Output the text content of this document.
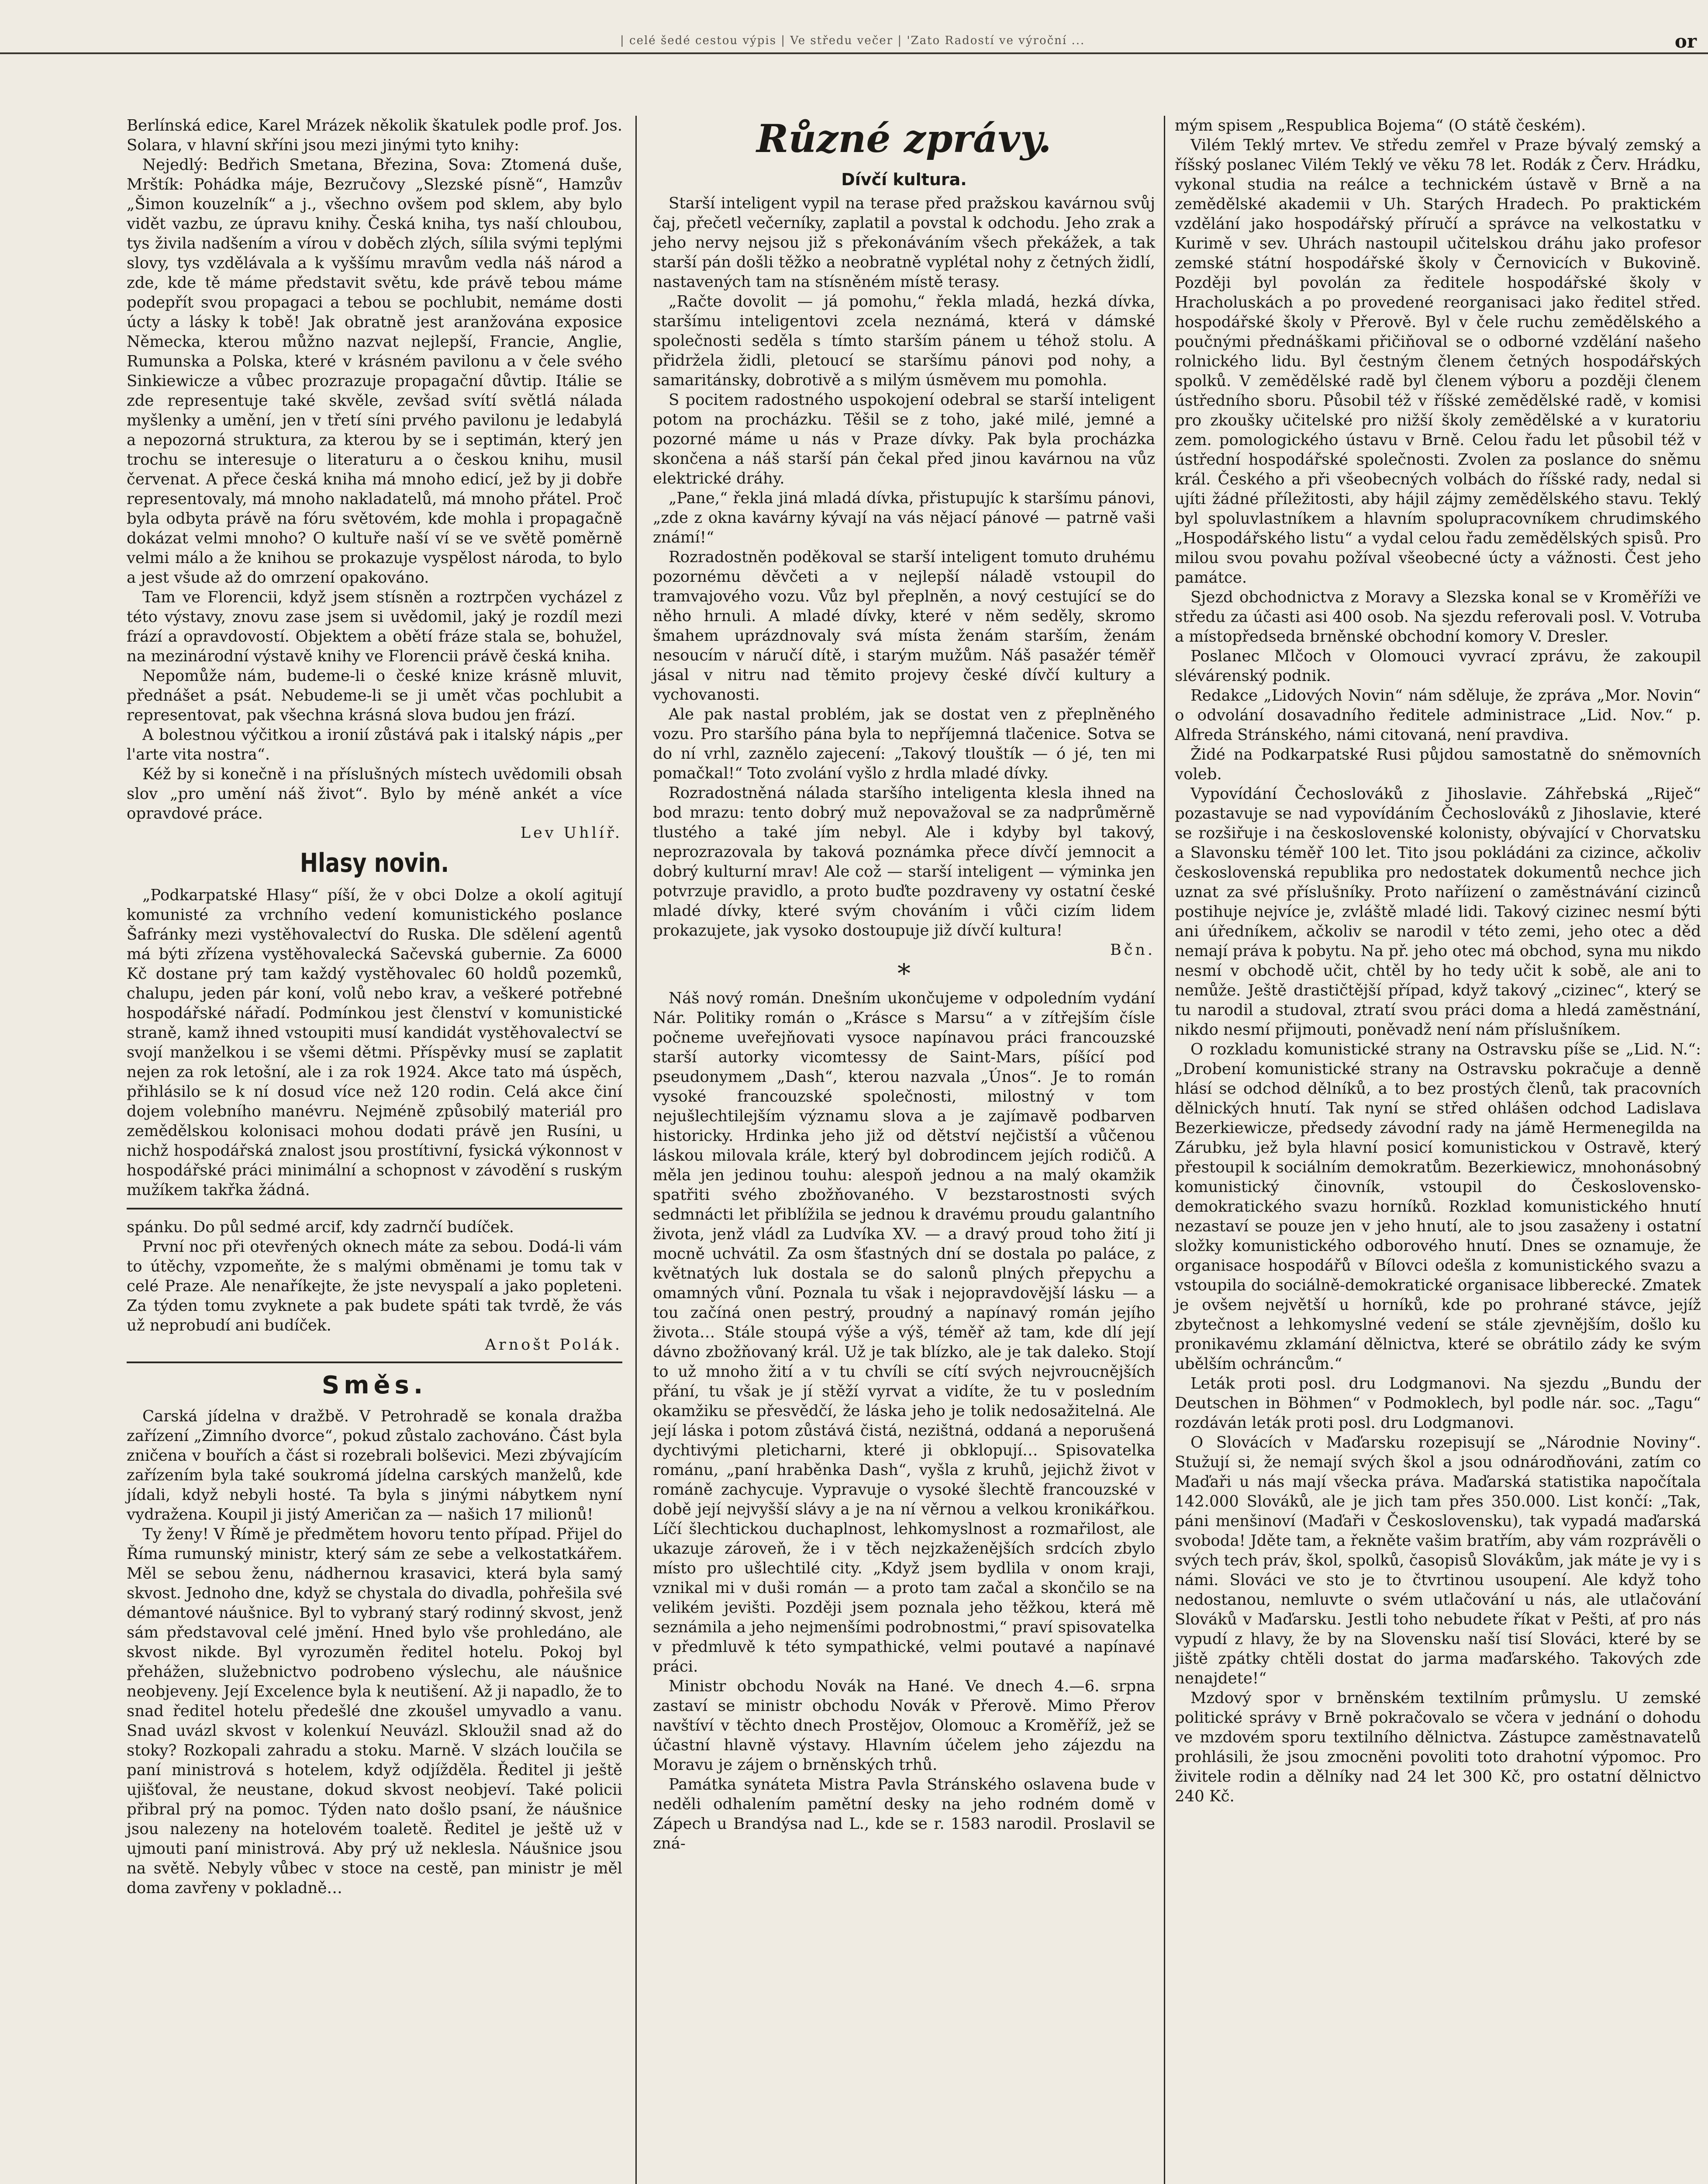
| celé šedé cestou výpis | Ve středu večer | 'Zato Radostí ve výroční ...	or

Berlínská edice, Karel Mrázek několik škatulek podle prof. Jos. Solara, v hlavní skříni jsou mezi jinými tyto knihy:

Nejedlý: Bedřich Smetana, Březina, Sova: Ztomená duše, Mrštík: Pohádka máje, Bezručovy „Slezské písně“, Hamzův „Šimon kouzelník“ a j., všechno ovšem pod sklem, aby bylo vidět vazbu, ze úpravu knihy. Česká kniha, tys naší chloubou, tys živila nadšením a vírou v doběch zlých, sílila svými teplými slovy, tys vzdělávala a k vyššímu mravům vedla náš národ a zde, kde tě máme představit světu, kde právě tebou máme podepřít svou propagaci a tebou se pochlubit, nemáme dosti úcty a lásky k tobě! Jak obratně jest aranžována exposice Německa, kterou můžno nazvat nejlepší, Francie, Anglie, Rumunska a Polska, které v krásném pavilonu a v čele svého Sinkiewicze a vůbec prozrazuje propagační důvtip. Itálie se zde representuje také skvěle, zevšad svítí světlá nálada myšlenky a umění, jen v třetí síni prvého pavilonu je ledabylá a nepozorná struktura, za kterou by se i septimán, který jen trochu se interesuje o literaturu a o českou knihu, musil červenat. A přece česká kniha má mnoho edicí, jež by ji dobře representovaly, má mnoho nakladatelů, má mnoho přátel. Proč byla odbyta právě na fóru světovém, kde mohla i propagačně dokázat velmi mnoho? O kultuře naší ví se ve světě poměrně velmi málo a že knihou se prokazuje vyspělost národa, to bylo a jest všude až do omrzení opakováno.

Tam ve Florencii, když jsem stísněn a roztrpčen vycházel z této výstavy, znovu zase jsem si uvědomil, jaký je rozdíl mezi frází a opravdovostí. Objektem a obětí fráze stala se, bohužel, na mezinárodní výstavě knihy ve Florencii právě česká kniha.

Nepomůže nám, budeme-li o české knize krásně mluvit, přednášet a psát. Nebudeme-li se ji umět včas pochlubit a representovat, pak všechna krásná slova budou jen frází.

A bolestnou výčitkou a ironií zůstává pak i italský nápis „per l'arte vita nostra“.

Kéž by si konečně i na příslušných místech uvědomili obsah slov „pro umění náš život“. Bylo by méně ankét a více opravdové práce.

Lev Uhlíř.
Hlasy novin.

„Podkarpatské Hlasy“ píší, že v obci Dolze a okolí agitují komunisté za vrchního vedení komunistického poslance Šafránky mezi vystěhovalectví do Ruska. Dle sdělení agentů má býti zřízena vystěhovalecká Sačevská gubernie. Za 6000 Kč dostane prý tam každý vystěhovalec 60 holdů pozemků, chalupu, jeden pár koní, volů nebo krav, a veškeré potřebné hospodářské nářadí. Podmínkou jest členství v komunistické straně, kamž ihned vstoupiti musí kandidát vystěhovalectví se svojí manželkou i se všemi dětmi. Příspěvky musí se zaplatit nejen za rok letošní, ale i za rok 1924. Akce tato má úspěch, přihlásilo se k ní dosud více než 120 rodin. Celá akce činí dojem volebního manévru. Nejméně způsobilý materiál pro zemědělskou kolonisaci mohou dodati právě jen Rusíni, u nichž hospodářská znalost jsou prostítivní, fysická výkonnost v hospodářské práci minimální a schopnost v závodění s ruským mužíkem takřka žádná.

spánku. Do půl sedmé arcif, kdy zadrnčí budíček.

První noc při otevřených oknech máte za sebou. Dodá-li vám to útěchy, vzpomeňte, že s malými obměnami je tomu tak v celé Praze. Ale nenaříkejte, že jste nevyspalí a jako popleteni. Za týden tomu zvyknete a pak budete spáti tak tvrdě, že vás už neprobudí ani budíček.

Arnošt Polák.
Směs.

Carská jídelna v dražbě. V Petrohradě se konala dražba zařízení „Zimního dvorce“, pokud zůstalo zachováno. Část byla zničena v bouřích a část si rozebrali bolševici. Mezi zbývajícím zařízením byla také soukromá jídelna carských manželů, kde jídali, když nebyli hosté. Ta byla s jinými nábytkem nyní vydražena. Koupil ji jistý Američan za — našich 17 milionů!

Ty ženy! V Římě je předmětem hovoru tento případ. Přijel do Říma rumunský ministr, který sám ze sebe a velkostatkářem. Měl se sebou ženu, nádhernou krasavici, která byla samý skvost. Jednoho dne, když se chystala do divadla, pohřešila své démantové náušnice. Byl to vybraný starý rodinný skvost, jenž sám představoval celé jmění. Hned bylo vše prohledáno, ale skvost nikde. Byl vyrozuměn ředitel hotelu. Pokoj byl přehážen, služebnictvo podrobeno výslechu, ale náušnice neobjeveny. Její Excelence byla k neutišení. Až ji napadlo, že to snad ředitel hotelu předešlé dne zkoušel umyvadlo a vanu. Snad uvázl skvost v kolenkuí Neuvázl. Skloužil snad až do stoky? Rozkopali zahradu a stoku. Marně. V slzách loučila se paní ministrová s hotelem, když odjížděla. Ředitel ji ještě ujišťoval, že neustane, dokud skvost neobjeví. Také policii přibral prý na pomoc. Týden nato došlo psaní, že náušnice jsou nalezeny na hotelovém toaletě. Ředitel je ještě už v ujmouti paní ministrová. Aby prý už neklesla. Náušnice jsou na světě. Nebyly vůbec v stoce na cestě, pan ministr je měl doma zavřeny v pokladně…

Různé zprávy.
Dívčí kultura.

Starší inteligent vypil na terase před pražskou kavárnou svůj čaj, přečetl večerníky, zaplatil a povstal k odchodu. Jeho zrak a jeho nervy nejsou již s překonáváním všech překážek, a tak starší pán došli těžko a neobratně vyplétal nohy z četných židlí, nastavených tam na stísněném místě terasy.

„Račte dovolit — já pomohu,“ řekla mladá, hezká dívka, staršímu inteligentovi zcela neznámá, která v dámské společnosti seděla s tímto starším pánem u téhož stolu. A přidržela židli, pletoucí se staršímu pánovi pod nohy, a samaritánsky, dobrotivě a s milým úsměvem mu pomohla.

S pocitem radostného uspokojení odebral se starší inteligent potom na procházku. Těšil se z toho, jaké milé, jemné a pozorné máme u nás v Praze dívky. Pak byla procházka skončena a náš starší pán čekal před jinou kavárnou na vůz elektrické dráhy.

„Pane,“ řekla jiná mladá dívka, přistupujíc k staršímu pánovi, „zde z okna kavárny kývají na vás nějací pánové — patrně vaši známí!“

Rozradostněn poděkoval se starší inteligent tomuto druhému pozornému děvčeti a v nejlepší náladě vstoupil do tramvajového vozu. Vůz byl přeplněn, a nový cestující se do něho hrnuli. A mladé dívky, které v něm seděly, skromo šmahem uprázdnovaly svá místa ženám starším, ženám nesoucím v náručí dítě, i starým mužům. Náš pasažér téměř jásal v nitru nad těmito projevy české dívčí kultury a vychovanosti.

Ale pak nastal problém, jak se dostat ven z přeplněného vozu. Pro staršího pána byla to nepříjemná tlačenice. Sotva se do ní vrhl, zaznělo zajecení: „Takový tlouštík — ó jé, ten mi pomačkal!“ Toto zvolání vyšlo z hrdla mladé dívky.

Rozradostněná nálada staršího inteligenta klesla ihned na bod mrazu: tento dobrý muž nepovažoval se za nadprůměrně tlustého a také jím nebyl. Ale i kdyby byl takový, neprozrazovala by taková poznámka přece dívčí jemnocit a dobrý kulturní mrav! Ale což — starší inteligent — výminka jen potvrzuje pravidlo, a proto buďte pozdraveny vy ostatní české mladé dívky, které svým chováním i vůči cizím lidem prokazujete, jak vysoko dostoupuje již dívčí kultura!

Bčn.
*

Náš nový román. Dnešním ukončujeme v odpoledním vydání Nár. Politiky román o „Krásce s Marsu“ a v zítřejším čísle počneme uveřejňovati vysoce napínavou práci francouzské starší autorky vicomtessy de Saint-Mars, píšící pod pseudonymem „Dash“, kterou nazvala „Únos“. Je to román vysoké francouzské společnosti, milostný v tom nejušlechtilejším významu slova a je zajímavě podbarven historicky. Hrdinka jeho již od dětství nejčistší a vůčenou láskou milovala krále, který byl dobrodincem jejích rodičů. A měla jen jedinou touhu: alespoň jednou a na malý okamžik spatřiti svého zbožňovaného. V bezstarostnosti svých sedmnácti let přiblížila se jednou k dravému proudu galantního života, jenž vládl za Ludvíka XV. — a dravý proud toho žití ji mocně uchvátil. Za osm šťastných dní se dostala po paláce, z květnatých luk dostala se do salonů plných přepychu a omamných vůní. Poznala tu však i nejopravdovější lásku — a tou začíná onen pestrý, proudný a napínavý román jejího života… Stále stoupá výše a výš, téměř až tam, kde dlí její dávno zbožňovaný král. Už je tak blízko, ale je tak daleko. Stojí to už mnoho žití a v tu chvíli se cítí svých nejvroucnějších přání, tu však je jí stěží vyrvat a vidíte, že tu v posledním okamžiku se přesvědčí, že láska jeho je tolik nedosažitelná. Ale její láska i potom zůstává čistá, nezištná, oddaná a neporušená dychtivými pleticharni, které ji obklopují… Spisovatelka románu, „paní hraběnka Dash“, vyšla z kruhů, jejichž život v románě zachycuje. Vypravuje o vysoké šlechtě francouzské v době její nejvyšší slávy a je na ní věrnou a velkou kronikářkou. Líčí šlechtickou duchaplnost, lehkomyslnost a rozmařilost, ale ukazuje zároveň, že i v těch nejzkaženějších srdcích zbylo místo pro ušlechtilé city. „Když jsem bydlila v onom kraji, vznikal mi v duši román — a proto tam začal a skončilo se na velikém jevišti. Později jsem poznala jeho těžkou, která mě seznámila a jeho nejmenšími podrobnostmi,“ praví spisovatelka v předmluvě k této sympathické, velmi poutavé a napínavé práci.

Ministr obchodu Novák na Hané. Ve dnech 4.—6. srpna zastaví se ministr obchodu Novák v Přerově. Mimo Přerov navštíví v těchto dnech Prostějov, Olomouc a Kroměříž, jež se účastní hlavně výstavy. Hlavním účelem jeho zájezdu na Moravu je zájem o brněnských trhů.

Památka synáteta Mistra Pavla Stránského oslavena bude v neděli odhalením pamětní desky na jeho rodném domě v Zápech u Brandýsa nad L., kde se r. 1583 narodil. Proslavil se zná-

mým spisem „Respublica Bojema“ (O státě českém).

Vilém Teklý mrtev. Ve středu zemřel v Praze bývalý zemský a říšský poslanec Vilém Teklý ve věku 78 let. Rodák z Červ. Hrádku, vykonal studia na reálce a technickém ústavě v Brně a na zemědělské akademii v Uh. Starých Hradech. Po praktickém vzdělání jako hospodářský příručí a správce na velkostatku v Kurimě v sev. Uhrách nastoupil učitelskou dráhu jako profesor zemské státní hospodářské školy v Černovicích v Bukovině. Později byl povolán za ředitele hospodářské školy v Hracholuskách a po provedené reorganisaci jako ředitel střed. hospodářské školy v Přerově. Byl v čele ruchu zemědělského a poučnými přednáškami přičiňoval se o odborné vzdělání našeho rolnického lidu. Byl čestným členem četných hospodářských spolků. V zemědělské radě byl členem výboru a později členem ústředního sboru. Působil též v říšské zemědělské radě, v komisi pro zkoušky učitelské pro nižší školy zemědělské a v kuratoriu zem. pomologického ústavu v Brně. Celou řadu let působil též v ústřední hospodářské společnosti. Zvolen za poslance do sněmu král. Českého a při všeobecných volbách do říšské rady, nedal si ujíti žádné příležitosti, aby hájil zájmy zemědělského stavu. Teklý byl spoluvlastníkem a hlavním spolupracovníkem chrudimského „Hospodářského listu“ a vydal celou řadu zemědělských spisů. Pro milou svou povahu požíval všeobecné úcty a vážnosti. Čest jeho památce.

Sjezd obchodnictva z Moravy a Slezska konal se v Kroměříži ve středu za účasti asi 400 osob. Na sjezdu referovali posl. V. Votruba a místopředseda brněnské obchodní komory V. Dresler.

Poslanec Mlčoch v Olomouci vyvrací zprávu, že zakoupil slévárenský podnik.

Redakce „Lidových Novin“ nám sděluje, že zpráva „Mor. Novin“ o odvolání dosavadního ředitele administrace „Lid. Nov.“ p. Alfreda Stránského, námi citovaná, není pravdiva.

Židé na Podkarpatské Rusi půjdou samostatně do sněmovních voleb.

Vypovídání Čechoslováků z Jihoslavie. Záhřebská „Riječ“ pozastavuje se nad vypovídáním Čechoslováků z Jihoslavie, které se rozšiřuje i na československé kolonisty, obývající v Chorvatsku a Slavonsku téměř 100 let. Tito jsou pokládáni za cizince, ačkoliv československá republika pro nedostatek dokumentů nechce jich uznat za své příslušníky. Proto naříizení o zaměstnávání cizinců postihuje nejvíce je, zvláště mladé lidi. Takový cizinec nesmí býti ani úředníkem, ačkoliv se narodil v této zemi, jeho otec a děd nemají práva k pobytu. Na př. jeho otec má obchod, syna mu nikdo nesmí v obchodě učit, chtěl by ho tedy učit k sobě, ale ani to nemůže. Ještě drastičtější případ, když takový „cizinec“, který se tu narodil a studoval, ztratí svou práci doma a hledá zaměstnání, nikdo nesmí přijmouti, poněvadž není nám příslušníkem.

O rozkladu komunistické strany na Ostravsku píše se „Lid. N.“: „Drobení komunistické strany na Ostravsku pokračuje a denně hlásí se odchod dělníků, a to bez prostých členů, tak pracovních dělnických hnutí. Tak nyní se střed ohlášen odchod Ladislava Bezerkiewicze, předsedy závodní rady na jámě Hermenegilda na Zárubku, jež byla hlavní posicí komunistickou v Ostravě, který přestoupil k sociálním demokratům. Bezerkiewicz, mnohonásobný komunistický činovník, vstoupil do Československo-demokratického svazu horníků. Rozklad komunistického hnutí nezastaví se pouze jen v jeho hnutí, ale to jsou zasaženy i ostatní složky komunistického odborového hnutí. Dnes se oznamuje, že organisace hospodářů v Bílovci odešla z komunistického svazu a vstoupila do sociálně-demokratické organisace libberecké. Zmatek je ovšem největší u horníků, kde po prohrané stávce, jejíž zbytečnost a lehkomyslné vedení se stále zjevnějším, došlo ku pronikavému zklamání dělnictva, které se obrátilo zády ke svým ubělším ochráncům.“

Leták proti posl. dru Lodgmanovi. Na sjezdu „Bundu der Deutschen in Böhmen“ v Podmoklech, byl podle nár. soc. „Tagu“ rozdáván leták proti posl. dru Lodgmanovi.

O Slovácích v Maďarsku rozepisují se „Národnie Noviny“. Stužují si, že nemají svých škol a jsou odnárodňováni, zatím co Maďaři u nás mají všecka práva. Maďarská statistika napočítala 142.000 Slováků, ale je jich tam přes 350.000. List končí: „Tak, páni menšinoví (Maďaři v Československu), tak vypadá maďarská svoboda! Jděte tam, a řekněte vašim bratřím, aby vám rozprávěli o svých tech práv, škol, spolků, časopisů Slovákům, jak máte je vy i s námi. Slováci ve sto je to čtvrtinou usoupení. Ale když toho nedostanou, nemluvte o svém utlačování u nás, ale utlačování Slováků v Maďarsku. Jestli toho nebudete říkat v Pešti, ať pro nás vypudí z hlavy, že by na Slovensku naší tisí Slováci, které by se jiště zpátky chtěli dostat do jarma maďarského. Takových zde nenajdete!“

Mzdový spor v brněnském textilním průmyslu. U zemské politické správy v Brně pokračovalo se včera v jednání o dohodu ve mzdovém sporu textilního dělnictva. Zástupce zaměstnavatelů prohlásili, že jsou zmocněni povoliti toto drahotní výpomoc. Pro živitele rodin a dělníky nad 24 let 300 Kč, pro ostatní dělnictvo 240 Kč.
